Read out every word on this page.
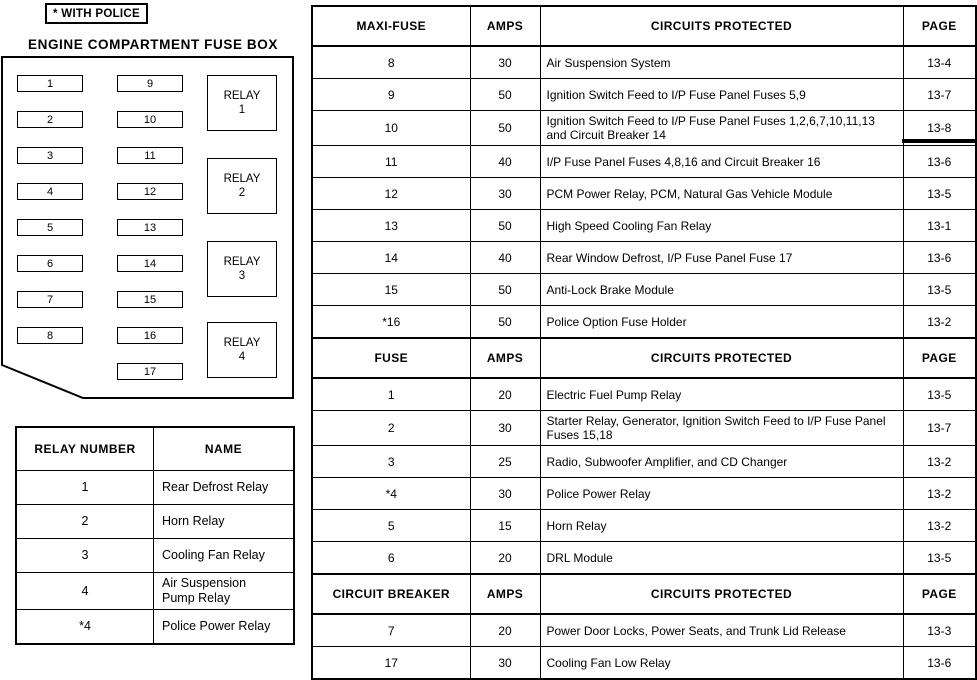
* WITH POLICE
ENGINE COMPARTMENT FUSE BOX
1
2
3
4
5
6
7
8
9
10
11
12
13
14
15
16
17
RELAY
1
RELAY
2
RELAY
3
RELAY
4
RELAY NUMBER	NAME
1	Rear Defrost Relay
2	Horn Relay
3	Cooling Fan Relay
4	Air Suspension Pump Relay
*4	Police Power Relay
MAXI-FUSE	AMPS	CIRCUITS PROTECTED	PAGE
8	30	Air Suspension System	13-4
9	50	Ignition Switch Feed to I/P Fuse Panel Fuses 5,9	13-7
10	50	Ignition Switch Feed to I/P Fuse Panel Fuses 1,2,6,7,10,11,13 and Circuit Breaker 14	13-8
11	40	I/P Fuse Panel Fuses 4,8,16 and Circuit Breaker 16	13-6
12	30	PCM Power Relay, PCM, Natural Gas Vehicle Module	13-5
13	50	High Speed Cooling Fan Relay	13-1
14	40	Rear Window Defrost, I/P Fuse Panel Fuse 17	13-6
15	50	Anti-Lock Brake Module	13-5
*16	50	Police Option Fuse Holder	13-2
FUSE	AMPS	CIRCUITS PROTECTED	PAGE
1	20	Electric Fuel Pump Relay	13-5
2	30	Starter Relay, Generator, Ignition Switch Feed to I/P Fuse Panel Fuses 15,18	13-7
3	25	Radio, Subwoofer Amplifier, and CD Changer	13-2
*4	30	Police Power Relay	13-2
5	15	Horn Relay	13-2
6	20	DRL Module	13-5
CIRCUIT BREAKER	AMPS	CIRCUITS PROTECTED	PAGE
7	20	Power Door Locks, Power Seats, and Trunk Lid Release	13-3
17	30	Cooling Fan Low Relay	13-6
